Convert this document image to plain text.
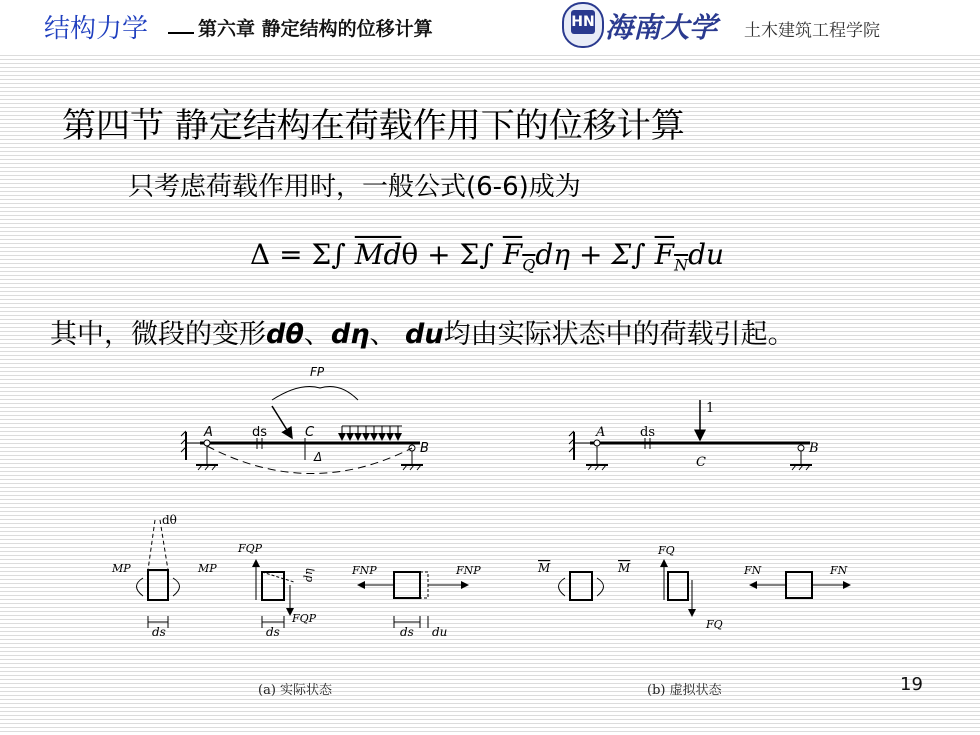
结构力学	第六章 静定结构的位移计算	HN 海南大学 土木建筑工程学院
第四节 静定结构在荷载作用下的位移计算
只考虑荷载作用时，一般公式(6-6)成为
Δ = Σ∫ $\overline{Md}\theta + \Sigma\int$ $F_Qd\eta + \Sigma\int$ $F_Ndu$
其中，微段的变形dθ、dη、 du均由实际状态中的荷载引起。
FP
A
B
C
ds
Δ
1
A
B
C
ds
dθ
MP	MP
ds
FQP
FQP
dη
ds
FNP	FNP
ds du
M	M
FQ
FQ
FN	FN
(a) 实际状态	(b) 虚拟状态	19
